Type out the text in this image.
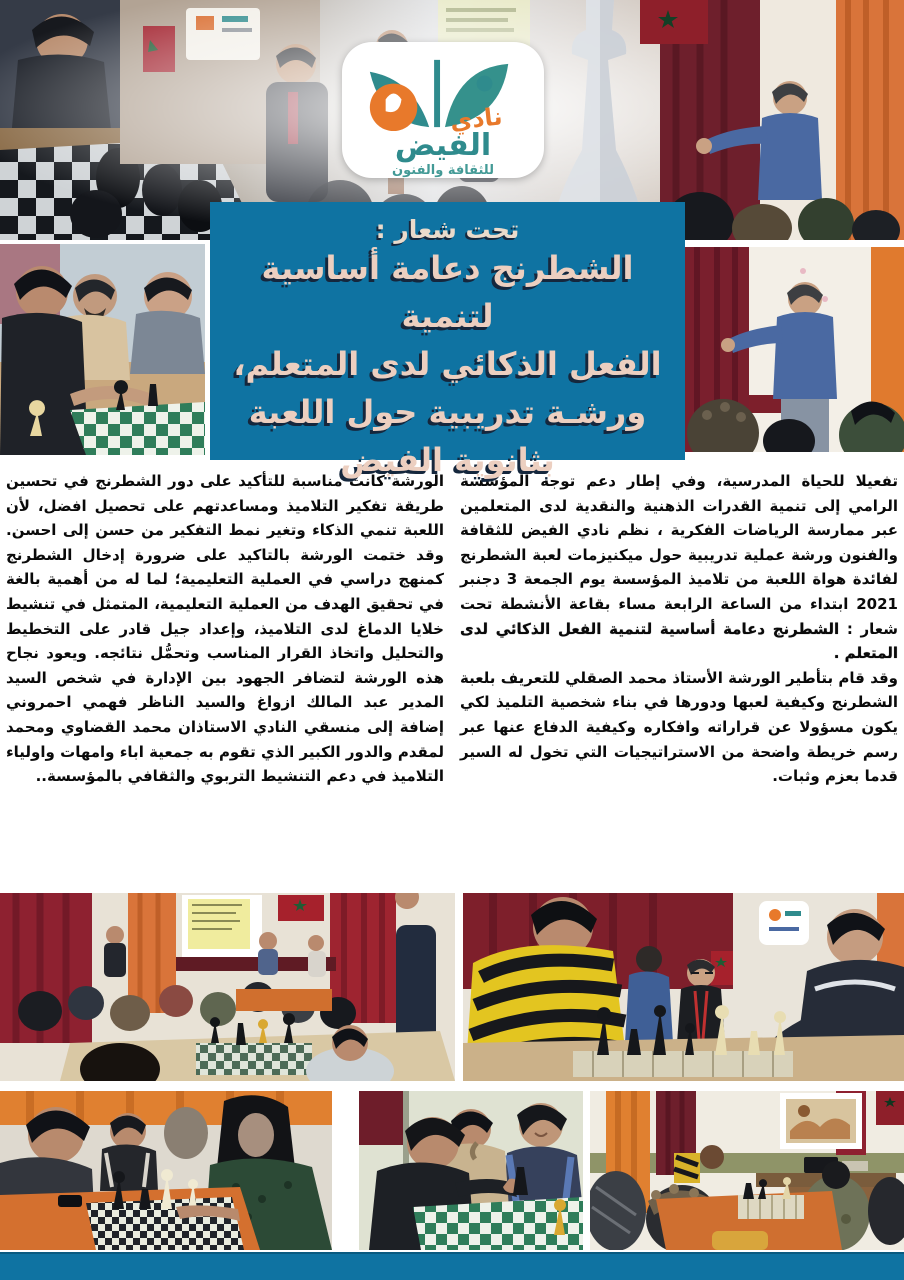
نادي
الفيض
للثقافة والفنون
تحت شعار :
الشطرنج دعامة أساسية لتنمية
الفعل الذكائي لدى المتعلم،
ورشـة تدريبية حول اللعبة
بثانوية الفيض

تفعيلا للحياة المدرسية، وفي إطار دعم توجه المؤسسة الرامي إلى تنمية القدرات الذهنية والنقدية لدى المتعلمين عبر ممارسة الرياضات الفكرية ، نظم نادي الفيض للثقافة والفنون ورشة عملية تدريبية حول ميكنيزمات لعبة الشطرنج لفائدة هواة اللعبة من تلاميذ المؤسسة يوم الجمعة 3 دجنبر 2021 ابتداء من الساعة الرابعة مساء بقاعة الأنشطة تحت شعار : الشطرنج دعامة أساسية لتنمية الفعل الذكائي لدى المتعلم .

وقد قام بتأطير الورشة الأستاذ محمد الصقلي للتعريف بلعبة الشطرنج وكيفية لعبها ودورها في بناء شخصية التلميذ لكي يكون مسؤولا عن قراراته وافكاره وكيفية الدفاع عنها عبر رسم خريطة واضحة من الاستراتيجيات التي تخول له السير قدما بعزم وثبات.

الورشة كانت مناسبة للتأكيد على دور الشطرنج في تحسين طريقة تفكير التلاميذ ومساعدتهم على تحصيل افضل، لأن اللعبة تنمي الذكاء وتغير نمط التفكير من حسن إلى احسن. وقد ختمت الورشة بالتاكيد على ضرورة إدخال الشطرنج كمنهج دراسي في العملية التعليمية؛ لما له من أهمية بالغة في تحقيق الهدف من العملية التعليمية، المتمثل في تنشيط خلايا الدماغ لدى التلاميذ، وإعداد جيل قادر على التخطيط والتحليل واتخاذ القرار المناسب وتحمُّل نتائجه. ويعود نجاح هذه الورشة لتضافر الجهود بين الإدارة في شخص السيد المدير عبد المالك ازواغ والسيد الناظر فهمي احمروني إضافة إلى منسقي النادي الاستاذان محمد القضاوي ومحمد لمقدم والدور الكبير الذي تقوم به جمعية اباء وامهات واولياء التلاميذ في دعم التنشيط التربوي والثقافي بالمؤسسة..
